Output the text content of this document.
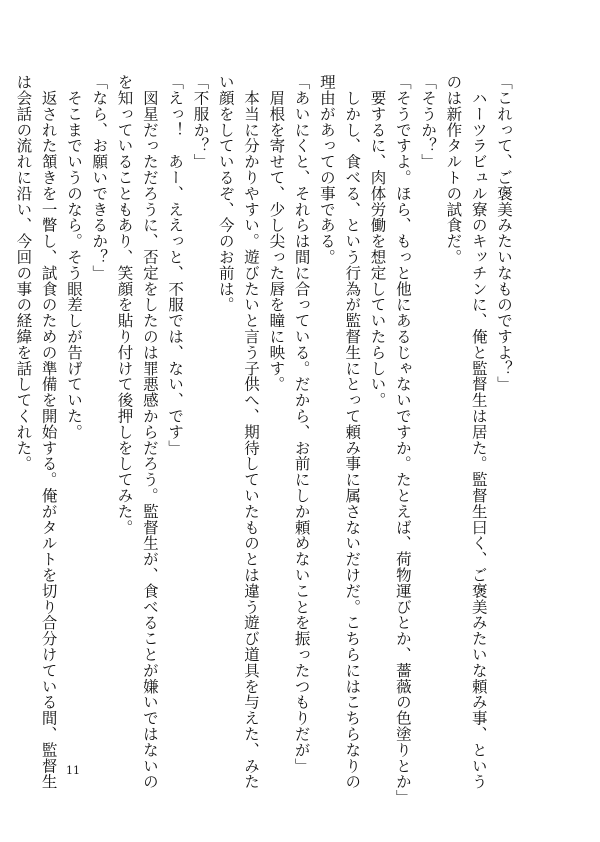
「これって、ご褒美みたいなものですよ？」

　ハーツラビュル寮のキッチンに、俺と監督生は居た。監督生曰く、ご褒美みたいな頼み事、という

のは新作タルトの試食だ。

「そうか？」

「そうですよ。ほら、もっと他にあるじゃないですか。たとえば、荷物運びとか、薔薇の色塗りとか」

　要するに、肉体労働を想定していたらしい。

　しかし、食べる、という行為が監督生にとって頼み事に属さないだけだ。こちらにはこちらなりの

理由があっての事である。

「あいにくと、それらは間に合っている。だから、お前にしか頼めないことを振ったつもりだが」

　眉根を寄せて、少し尖った唇を瞳に映す。

　本当に分かりやすい。遊びたいと言う子供へ、期待していたものとは違う遊び道具を与えた、みた

い顔をしているぞ、今のお前は。

「不服か？」

「えっ！　あー、ええっと、不服では、ない、です」

　図星だっただろうに、否定をしたのは罪悪感からだろう。監督生が、食べることが嫌いではないの

を知っていることもあり、笑顔を貼り付けて後押しをしてみた。

「なら、お願いできるか？」

　そこまでいうのなら。そう眼差しが告げていた。

　返された頷きを一瞥し、試食のための準備を開始する。俺がタルトを切り合分けている間、監督生

は会話の流れに沿い、今回の事の経緯を話してくれた。

11
